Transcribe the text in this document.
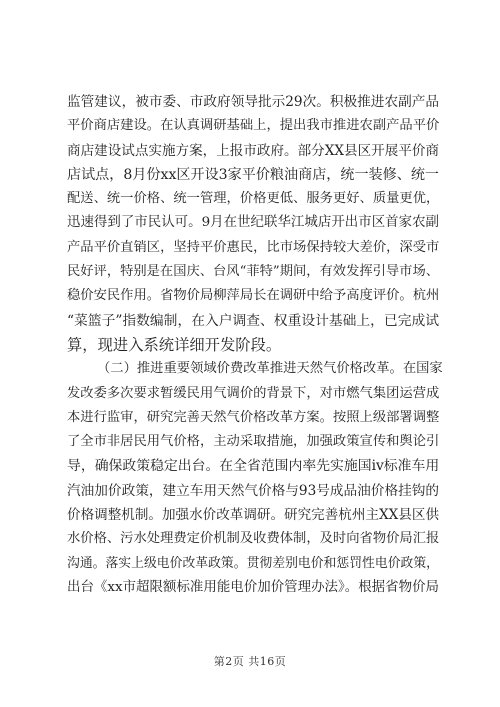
监管建议，被市委、市政府领导批示29次。积极推进农副产品
平价商店建设。在认真调研基础上，提出我市推进农副产品平价
商店建设试点实施方案，上报市政府。部分XX县区开展平价商
店试点，8月份xx区开设3家平价粮油商店，统一装修、统一
配送、统一价格、统一管理，价格更低、服务更好、质量更优，
迅速得到了市民认可。9月在世纪联华江城店开出市区首家农副
产品平价直销区，坚持平价惠民，比市场保持较大差价，深受市
民好评，特别是在国庆、台风“菲特”期间，有效发挥引导市场、
稳价安民作用。省物价局柳萍局长在调研中给予高度评价。杭州
“菜篮子”指数编制，在入户调查、权重设计基础上，已完成试
算，现进入系统详细开发阶段。
（二）推进重要领域价费改革推进天然气价格改革。在国家
发改委多次要求暂缓民用气调价的背景下，对市燃气集团运营成
本进行监审，研究完善天然气价格改革方案。按照上级部署调整
了全市非居民用气价格，主动采取措施，加强政策宣传和舆论引
导，确保政策稳定出台。在全省范围内率先实施国iv标准车用
汽油加价政策，建立车用天然气价格与93号成品油价格挂钩的
价格调整机制。加强水价改革调研。研究完善杭州主XX县区供
水价格、污水处理费定价机制及收费体制，及时向省物价局汇报
沟通。落实上级电价改革政策。贯彻差别电价和惩罚性电价政策，
出台《xx市超限额标准用能电价加价管理办法》。根据省物价局
第2页 共16页
